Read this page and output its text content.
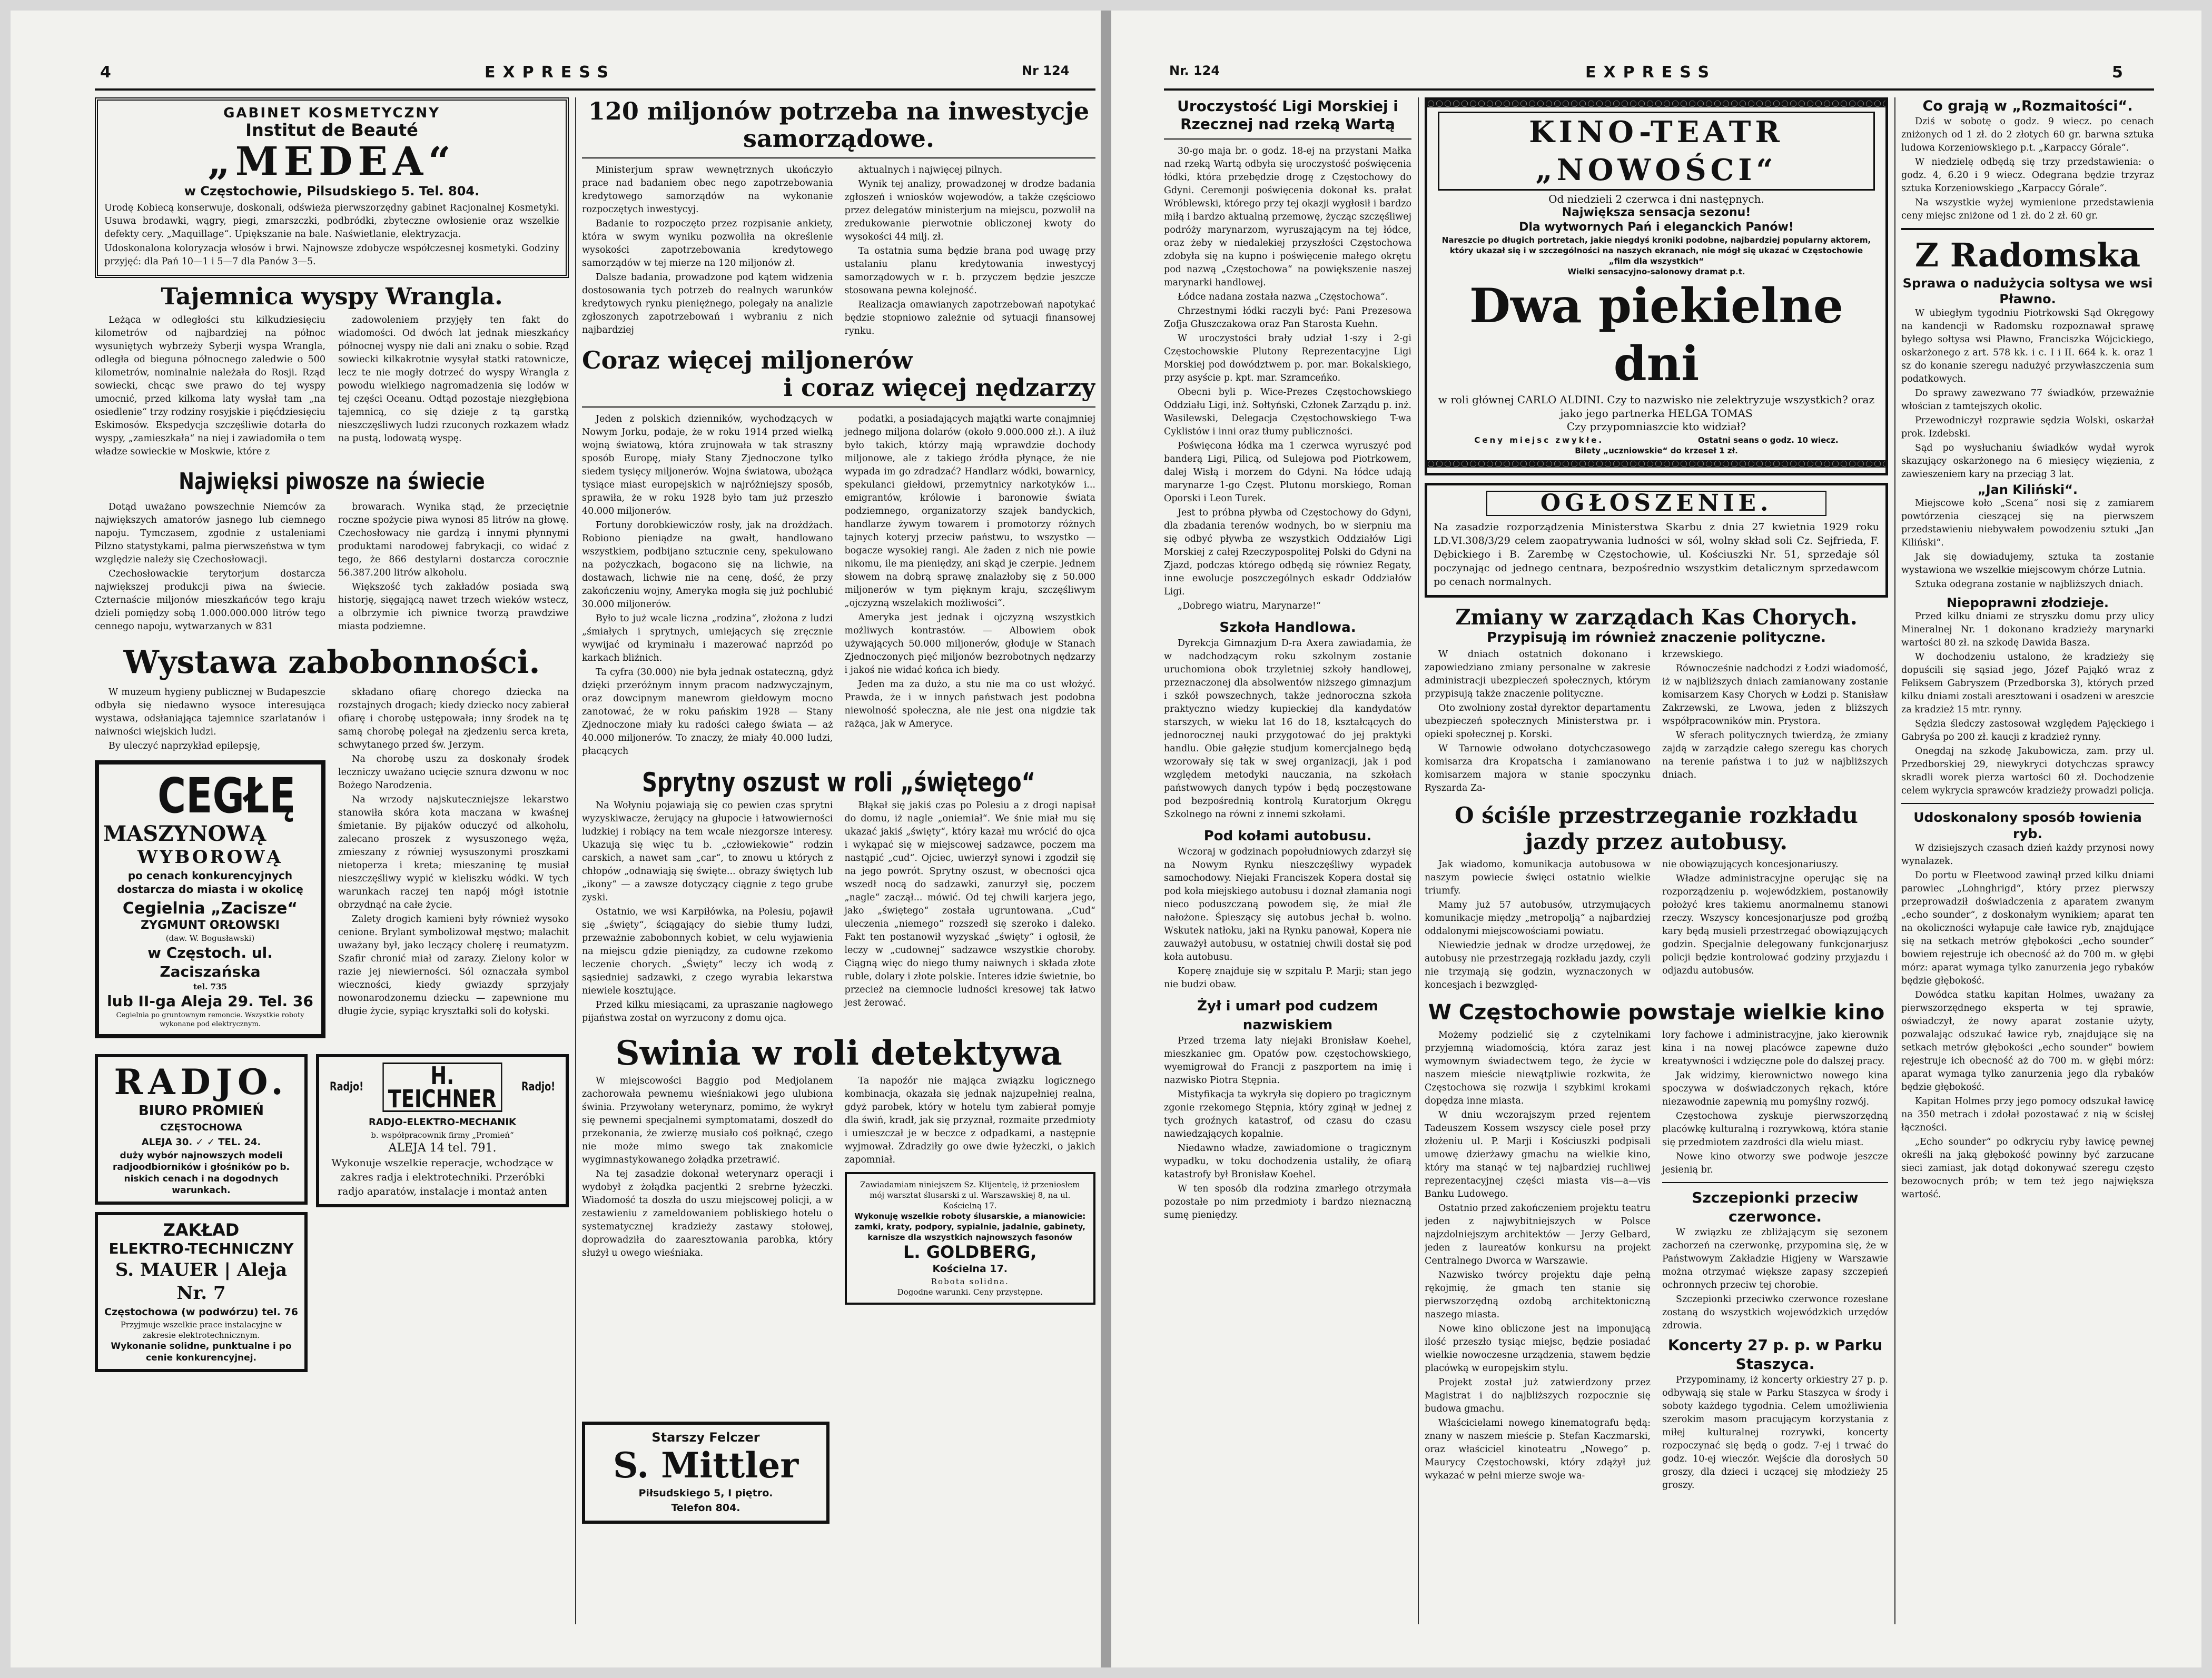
4	EXPRESS	Nr 124
GABINET KOSMETYCZNY
Institut de Beauté
„MEDEA“
w Częstochowie, Pilsudskiego 5. Tel. 804.

Urodę Kobiecą konserwuje, doskonali, odświeża pierwszorzędny gabinet Racjonalnej Kosmetyki. Usuwa brodawki, wągry, piegi, zmarszczki, podbródki, zbyteczne owłosienie oraz wszelkie defekty cery. „Maquillage“. Upiększanie na bale. Naświetlanie, elektryzacja.

Udoskonalona koloryzacja włosów i brwi. Najnowsze zdobycze współczesnej kosmetyki. Godziny przyjęć: dla Pań 10—1 i 5—7 dla Panów 3—5.

Tajemnica wyspy Wrangla.

Leżąca w odległości stu kilkudziesięciu kilometrów od najbardziej na północ wysuniętych wybrzeży Syberji wyspa Wrangla, odległa od bieguna północnego zaledwie o 500 kilometrów, nominalnie należała do Rosji. Rząd sowiecki, chcąc swe prawo do tej wyspy umocnić, przed kilkoma laty wysłał tam „na osiedlenie“ trzy rodziny rosyjskie i pięćdziesięciu Eskimosów. Ekspedycja szczęśliwie dotarła do wyspy, „zamieszkała“ na niej i zawiadomiła o tem władze sowieckie w Moskwie, które z

zadowoleniem przyjęły ten fakt do wiadomości. Od dwóch lat jednak mieszkańcy północnej wyspy nie dali ani znaku o sobie. Rząd sowiecki kilkakrotnie wysyłał statki ratownicze, lecz te nie mogły dotrzeć do wyspy Wrangla z powodu wielkiego nagromadzenia się lodów w tej części Oceanu. Odtąd pozostaje niezgłębiona tajemnicą, co się dzieje z tą garstką nieszczęśliwych ludzi rzuconych rozkazem władz na pustą, lodowatą wyspę.

Najwięksi piwosze na świecie

Dotąd uważano powszechnie Niemców za największych amatorów jasnego lub ciemnego napoju. Tymczasem, zgodnie z ustaleniami Pilzno statystykami, palma pierwszeństwa w tym względzie należy się Czechosłowacji.

Czechosłowackie terytorjum dostarcza największej produkcji piwa na świecie. Czternaście miljonów mieszkańców tego kraju dzieli pomiędzy sobą 1.000.000.000 litrów tego cennego napoju, wytwarzanych w 831

browarach. Wynika stąd, że przeciętnie roczne spożycie piwa wynosi 85 litrów na głowę. Czechosłowacy nie gardzą i innymi płynnymi produktami narodowej fabrykacji, co widać z tego, że 866 destylarni dostarcza corocznie 56.387.200 litrów alkoholu.

Większość tych zakładów posiada swą historję, sięgającą nawet trzech wieków wstecz, a olbrzymie ich piwnice tworzą prawdziwe miasta podziemne.

Wystawa zabobonności.

W muzeum hygieny publicznej w Budapeszcie odbyła się niedawno wysoce interesująca wystawa, odsłaniająca tajemnice szarlatanów i naiwności wiejskich ludzi.

By uleczyć naprzykład epilepsję,

CEGŁĘ
MASZYNOWĄ
WYBOROWĄ
po cenach konkurencyjnych dostarcza do miasta i w okolicę
Cegielnia „Zacisze“
ZYGMUNT ORŁOWSKI
(daw. W. Bogusławski)
w Częstoch. ul. Zaciszańska
tel. 735
lub II-ga Aleja 29. Tel. 36
Cegielnia po gruntownym remoncie. Wszystkie roboty wykonane pod elektrycznym.

składano ofiarę chorego dziecka na rozstajnych drogach; kiedy dziecko nocy zabierał ofiarę i chorobę ustępowała; inny środek na tę samą chorobę polegał na zjedzeniu serca kreta, schwytanego przed św. Jerzym.

Na chorobę uszu za doskonały środek leczniczy uważano ucięcie sznura dzwonu w noc Bożego Narodzenia.

Na wrzody najskuteczniejsze lekarstwo stanowiła skóra kota maczana w kwaśnej śmietanie. By pijaków oduczyć od alkoholu, zalecano proszek z wysuszonego węża, zmieszany z równiej wysuszonymi proszkami nietoperza i kreta; mieszaninę tę musiał nieszczęśliwy wypić w kieliszku wódki. W tych warunkach raczej ten napój mógł istotnie obrzydnąć na całe życie.

Zalety drogich kamieni były również wysoko cenione. Brylant symbolizował męstwo; malachit uważany był, jako leczący cholerę i reumatyzm. Szafir chronić miał od zarazy. Zielony kolor w razie jej niewierności. Sól oznaczała symbol wieczności, kiedy gwiazdy sprzyjały nowonarodzonemu dziecku — zapewnione mu długie życie, sypiąc kryształki soli do kołyski.

RADJO.
BIURO PROMIEŃ
CZĘSTOCHOWA
ALEJA 30. ✓ ✓ TEL. 24.
duży wybór najnowszych modeli radjoodbiorników i głośników po b. niskich cenach i na dogodnych warunkach.
ZAKŁAD
ELEKTRO-TECHNICZNY
S. MAUER | Aleja Nr. 7
Częstochowa (w podwórzu) tel. 76
Przyjmuje wszelkie prace instalacyjne w zakresie elektrotechnicznym.
Wykonanie solidne, punktualne i po cenie konkurencyjnej.
Radjo!	H. TEICHNER	Radjo!
RADJO-ELEKTRO-MECHANIK
b. współpracownik firmy „Promień“
ALEJA 14 tel. 791.
Wykonuje wszelkie reperacje, wchodzące w zakres radja i elektrotechniki. Przeróbki radjo aparatów, instalacje i montaż anten
120 miljonów potrzeba na inwestycje samorządowe.

Ministerjum spraw wewnętrznych ukończyło prace nad badaniem obec nego zapotrzebowania kredytowego samorządów na wykonanie rozpoczętych inwestycyj.

Badanie to rozpoczęto przez rozpisanie ankiety, która w swym wyniku pozwoliła na określenie wysokości zapotrzebowania kredytowego samorządów w tej mierze na 120 miljonów zł.

Dalsze badania, prowadzone pod kątem widzenia dostosowania tych potrzeb do realnych warunków kredytowych rynku pieniężnego, polegały na analizie zgłoszonych zapotrzebowań i wybraniu z nich najbardziej

aktualnych i najwięcej pilnych.

Wynik tej analizy, prowadzonej w drodze badania zgłoszeń i wniosków wojewodów, a także częściowo przez delegatów ministerjum na miejscu, pozwolił na zredukowanie pierwotnie obliczonej kwoty do wysokości 44 milj. zł.

Ta ostatnia suma będzie brana pod uwagę przy ustalaniu planu kredytowania inwestycyj samorządowych w r. b. przyczem będzie jeszcze stosowana pewna kolejność.

Realizacja omawianych zapotrzebowań napotykać będzie stopniowo zależnie od sytuacji finansowej rynku.

Coraz więcej miljonerów
i coraz więcej nędzarzy

Jeden z polskich dzienników, wychodzących w Nowym Jorku, podaje, że w roku 1914 przed wielką wojną światową, która zrujnowała w tak straszny sposób Europę, miały Stany Zjednoczone tylko siedem tysięcy miljonerów. Wojna światowa, ubożąca tysiące miast europejskich w najróżniejszy sposób, sprawiła, że w roku 1928 było tam już przeszło 40.000 miljonerów.

Fortuny dorobkiewiczów rosły, jak na drożdżach. Robiono pieniądze na gwałt, handlowano wszystkiem, podbijano sztucznie ceny, spekulowano na pożyczkach, bogacono się na lichwie, na dostawach, lichwie nie na cenę, dość, że przy zakończeniu wojny, Ameryka mogła się już pochlubić 30.000 miljonerów.

Było to już wcale liczna „rodzina“, złożona z ludzi „śmiałych i sprytnych, umiejących się zręcznie wywijać od kryminału i mazerować naprzód po karkach bliźnich.

Ta cyfra (30.000) nie była jednak ostateczną, gdyż dzięki przeróżnym innym pracom nadzwyczajnym, oraz dowcipnym manewrom giełdowym mocno zanotować, że w roku pańskim 1928 — Stany Zjednoczone miały ku radości całego świata — aż 40.000 miljonerów. To znaczy, że miały 40.000 ludzi, płacących

podatki, a posiadających majątki warte conajmniej jednego miljona dolarów (około 9.000.000 zł.). A iluż było takich, którzy mają wprawdzie dochody miljonowe, ale z takiego źródła płynące, że nie wypada im go zdradzać? Handlarz wódki, bowarnicy, spekulanci giełdowi, przemytnicy narkotyków i... emigrantów, królowie i baronowie świata podziemnego, organizatorzy szajek bandyckich, handlarze żywym towarem i promotorzy różnych tajnych koteryj przeciw państwu, to wszystko — bogacze wysokiej rangi. Ale żaden z nich nie powie nikomu, ile ma pieniędzy, ani skąd je czerpie. Jednem słowem na dobrą sprawę znalazłoby się z 50.000 miljonerów w tym pięknym kraju, szczęśliwym „ojczyzną wszelakich możliwości“.

Ameryka jest jednak i ojczyzną wszystkich możliwych kontrastów. — Albowiem obok używających 50.000 miljonerów, głoduje w Stanach Zjednoczonych pięć miljonów bezrobotnych nędzarzy i jakoś nie widać końca ich biedy.

Jeden ma za dużo, a stu nie ma co ust włożyć. Prawda, że i w innych państwach jest podobna niewolność społeczna, ale nie jest ona nigdzie tak rażąca, jak w Ameryce.

Sprytny oszust w roli „świętego“

Na Wołyniu pojawiają się co pewien czas sprytni wyzyskiwacze, żerujący na głupocie i łatwowierności ludzkiej i robiący na tem wcale niezgorsze interesy. Ukazują się więc tu b. „człowiekowie“ rodzin carskich, a nawet sam „car“, to znowu u których z chłopów „odnawiają się święte... obrazy świętych lub „ikony“ — a zawsze dotyczący ciągnie z tego grube zyski.

Ostatnio, we wsi Karpiłówka, na Polesiu, pojawił się „święty“, ściągający do siebie tłumy ludzi, przeważnie zabobonnych kobiet, w celu wyjawienia na miejscu gdzie pieniądzy, za cudowne rzekomo leczenie chorych. „Święty“ leczy ich wodą z sąsiedniej sadzawki, z czego wyrabia lekarstwa niewiele kosztujące.

Przed kilku miesiącami, za upraszanie nagłowego pijaństwa został on wyrzucony z domu ojca.

Błąkał się jakiś czas po Polesiu a z drogi napisał do domu, iż nagle „oniemiał“. We śnie miał mu się ukazać jakiś „święty“, który kazał mu wrócić do ojca i wykąpać się w miejscowej sadzawce, poczem ma nastąpić „cud“. Ojciec, uwierzył synowi i zgodził się na jego powrót. Sprytny oszust, w obecności ojca wszedł nocą do sadzawki, zanurzył się, poczem „nagle“ zaczął... mówić. Od tej chwili karjera jego, jako „świętego“ została ugruntowana. „Cud“ uleczenia „niemego“ rozszedł się szeroko i daleko. Fakt ten postanowił wyzyskać „święty“ i ogłosił, że leczy w „cudownej“ sadzawce wszystkie choroby. Ciągną więc do niego tłumy naiwnych i składa złote ruble, dolary i złote polskie. Interes idzie świetnie, bo przecież na ciemnocie ludności kresowej tak łatwo jest żerować.

Swinia w roli detektywa

W miejscowości Baggio pod Medjolanem zachorowała pewnemu wieśniakowi jego ulubiona świnia. Przywołany weterynarz, pomimo, że wykrył się pewnemi specjalnemi symptomatami, doszedł do przekonania, że zwierzę musiało coś połknąć, czego nie może mimo swego tak znakomicie wygimnastykowanego żołądka przetrawić.

Na tej zasadzie dokonał weterynarz operacji i wydobył z żołądka pacjentki 2 srebrne łyżeczki. Wiadomość ta doszła do uszu miejscowej policji, a w zestawieniu z zameldowaniem pobliskiego hotelu o systematycznej kradzieży zastawy stołowej, doprowadziła do zaaresztowania parobka, który służył u owego wieśniaka.

Ta napoźór nie mająca związku logicznego kombinacja, okazała się jednak najzupełniej realna, gdyż parobek, który w hotelu tym zabierał pomyje dla świń, kradł, jak się przyznał, rozmaite przedmioty i umieszczał je w beczce z odpadkami, a następnie wyjmował. Zdradziły go owe dwie łyżeczki, o jakich zapomniał.

Zawiadamiam niniejszem Sz. Klijentelę, iż przeniosłem mój warsztat ślusarski z ul. Warszawskiej 8, na ul. Kościelną 17.
Wykonuję wszelkie roboty ślusarskie, a mianowicie: zamki, kraty, podpory, sypialnie, jadalnie, gabinety, karnisze dla wszystkich najnowszych fasonów
L. GOLDBERG,
Kościelna 17.
Robota solidna.
Dogodne warunki. Ceny przystępne.
Starszy Felczer
S. Mittler
Piłsudskiego 5, I piętro.
Telefon 804.
Nr. 124	EXPRESS	5
Uroczystość Ligi Morskiej i Rzecznej nad rzeką Wartą

30-go maja br. o godz. 18-ej na przystani Małka nad rzeką Wartą odbyła się uroczystość poświęcenia łódki, która przebędzie drogę z Częstochowy do Gdyni. Ceremonji poświęcenia dokonał ks. prałat Wróblewski, którego przy tej okazji wygłosił i bardzo miłą i bardzo aktualną przemowę, życząc szczęśliwej podróży marynarzom, wyruszającym na tej łódce, oraz żeby w niedalekiej przyszłości Częstochowa zdobyła się na kupno i poświęcenie małego okrętu pod nazwą „Częstochowa“ na powiększenie naszej marynarki handlowej.

Łódce nadana została nazwa „Częstochowa“.

Chrzestnymi łódki raczyli być: Pani Prezesowa Zofja Głuszczakowa oraz Pan Starosta Kuehn.

W uroczystości brały udział 1-szy i 2-gi Częstochowskie Plutony Reprezentacyjne Ligi Morskiej pod dowództwem p. por. mar. Bokalskiego, przy asyście p. kpt. mar. Szramceńko.

Obecni byli p. Wice-Prezes Częstochowskiego Oddziału Ligi, inż. Sołtyński, Członek Zarządu p. inż. Wasilewski, Delegacja Częstochowskiego T-wa Cyklistów i inni oraz tłumy publiczności.

Poświęcona łódka ma 1 czerwca wyruszyć pod banderą Ligi, Pilicą, od Sulejowa pod Piotrkowem, dalej Wisłą i morzem do Gdyni. Na łódce udają marynarze 1-go Częst. Plutonu morskiego, Roman Oporski i Leon Turek.

Jest to próbna pływba od Częstochowy do Gdyni, dla zbadania terenów wodnych, bo w sierpniu ma się odbyć pływba ze wszystkich Oddziałów Ligi Morskiej z całej Rzeczypospolitej Polski do Gdyni na Zjazd, podczas którego odbędą się równiez Regaty, inne ewolucje poszczególnych eskadr Oddziałów Ligi.

„Dobrego wiatru, Marynarze!“

Szkoła Handlowa.

Dyrekcja Gimnazjum D-ra Axera zawiadamia, że w nadchodzącym roku szkolnym zostanie uruchomiona obok trzyletniej szkoły handlowej, przeznaczonej dla absolwentów niższego gimnazjum i szkół powszechnych, także jednoroczna szkoła praktyczno wiedzy kupieckiej dla kandydatów starszych, w wieku lat 16 do 18, kształcących do jednorocznej nauki przygotować do jej praktyki handlu. Obie gałęzie studjum komercjalnego będą wzorowały się tak w swej organizacji, jak i pod względem metodyki nauczania, na szkołach państwowych danych typów i będą poczęstowane pod bezpośrednią kontrolą Kuratorjum Okręgu Szkolnego na równi z innemi szkołami.

Pod kołami autobusu.

Wczoraj w godzinach popołudniowych zdarzył się na Nowym Rynku nieszczęśliwy wypadek samochodowy. Niejaki Franciszek Kopera dostał się pod koła miejskiego autobusu i doznał złamania nogi nieco poduszczaną powodem się, że miał źle nałożone. Śpieszący się autobus jechał b. wolno. Wskutek natłoku, jaki na Rynku panował, Kopera nie zauważył autobusu, w ostatniej chwili dostał się pod koła autobusu.

Koperę znajduje się w szpitalu P. Marji; stan jego nie budzi obaw.

Żył i umarł pod cudzem nazwiskiem

Przed trzema laty niejaki Bronisław Koehel, mieszkaniec gm. Opatów pow. częstochowskiego, wyemigrował do Francji z paszportem na imię i nazwisko Piotra Stępnia.

Mistyfikacja ta wykryła się dopiero po tragicznym zgonie rzekomego Stępnia, który zginął w jednej z tych groźnych katastrof, od czasu do czasu nawiedzających kopalnie.

Niedawno władze, zawiadomione o tragicznym wypadku, w toku dochodzenia ustaliły, że ofiarą katastrofy był Bronisław Koehel.

W ten sposób dla rodzina zmarłego otrzymała pozostałe po nim przedmioty i bardzo nieznaczną sumę pieniędzy.

KINO-TEATR „NOWOŚCI“
Od niedzieli 2 czerwca i dni następnych.
Największa sensacja sezonu!
Dla wytwornych Pań i eleganckich Panów!
Nareszcie po długich portretach, jakie niegdyś kroniki podobne, najbardziej popularny aktorem, który ukazał się i w szczególności na naszych ekranach, nie mógł się ukazać w Częstochowie „film dla wszystkich“
Wielki sensacyjno-salonowy dramat p.t.
Dwa piekielne dni
w roli głównej CARLO ALDINI. Czy to nazwisko nie zelektryzuje wszystkich? oraz jako jego partnerka HELGA TOMAS
Czy przypomniaszcie kto widział?
Ceny miejsc zwykłe.	Ostatni seans o godz. 10 wiecz.
Bilety „uczniowskie“ do krzeseł 1 zł.
OGŁOSZENIE.

Na zasadzie rozporządzenia Ministerstwa Skarbu z dnia 27 kwietnia 1929 roku LD.VI.308/3/29 celem zaopatrywania ludności w sól, wolny skład soli Cz. Sejfrieda, F. Dębickiego i B. Zarembę w Częstochowie, ul. Kościuszki Nr. 51, sprzedaje sól poczynając od jednego centnara, bezpośrednio wszystkim detalicznym sprzedawcom po cenach normalnych.

Zmiany w zarządach Kas Chorych.
Przypisują im również znaczenie polityczne.

W dniach ostatnich dokonano i zapowiedziano zmiany personalne w zakresie administracji ubezpieczeń społecznych, którym przypisują także znaczenie polityczne.

Oto zwolniony został dyrektor departamentu ubezpieczeń społecznych Ministerstwa pr. i opieki społecznej p. Korski.

W Tarnowie odwołano dotychczasowego komisarza dra Kropatscha i zamianowano komisarzem majora w stanie spoczynku Ryszarda Za-

krzewskiego.

Równocześnie nadchodzi z Łodzi wiadomość, iż w najbliższych dniach zamianowany zostanie komisarzem Kasy Chorych w Łodzi p. Stanisław Zakrzewski, ze Lwowa, jeden z bliższych współpracowników min. Prystora.

W sferach politycznych twierdzą, że zmiany zajdą w zarządzie całego szeregu kas chorych na terenie państwa i to już w najbliższych dniach.

O ściśle przestrzeganie rozkładu jazdy przez autobusy.

Jak wiadomo, komunikacja autobusowa w naszym powiecie święci ostatnio wielkie triumfy.

Mamy już 57 autobusów, utrzymujących komunikacje między „metropolją“ a najbardziej oddalonymi miejscowościami powiatu.

Niewiedzie jednak w drodze urzędowej, że autobusy nie przestrzegają rozkładu jazdy, czyli nie trzymają się godzin, wyznaczonych w koncesjach i bezwzględ-

nie obowiązujących koncesjonariuszy.

Władze administracyjne operując się na rozporządzeniu p. wojewódzkiem, postanowiły położyć kres takiemu anormalnemu stanowi rzeczy. Wszyscy koncesjonarjusze pod groźbą kary będą musieli przestrzegać obowiązujących godzin. Specjalnie delegowany funkcjonarjusz policji będzie kontrolować godziny przyjazdu i odjazdu autobusów.

W Częstochowie powstaje wielkie kino

Możemy podzielić się z czytelnikami przyjemną wiadomością, która zaraz jest wymownym świadectwem tego, że życie w naszem mieście niewątpliwie rozkwita, że Częstochowa się rozwija i szybkimi krokami dopędza inne miasta.

W dniu wczorajszym przed rejentem Tadeuszem Kossem wszyscy ciele poseł przy złożeniu ul. P. Marji i Kościuszki podpisali umowę dzierżawy gmachu na wielkie kino, który ma stanąć w tej najbardziej ruchliwej reprezentacyjnej części miasta vis—a—vis Banku Ludowego.

Ostatnio przed zakończeniem projektu teatru jeden z najwybitniejszych w Polsce najzdolniejszym architektów — Jerzy Gelbard, jeden z laureatów konkursu na projekt Centralnego Dworca w Warszawie.

Nazwisko twórcy projektu daje pełną rękojmię, że gmach ten stanie się pierwszorzędną ozdobą architektoniczną naszego miasta.

Nowe kino obliczone jest na imponującą ilość przeszło tysiąc miejsc, będzie posiadać wielkie nowoczesne urządzenia, stawem będzie placówką w europejskim stylu.

Projekt został już zatwierdzony przez Magistrat i do najbliższych rozpocznie się budowa gmachu.

Właścicielami nowego kinematografu będą: znany w naszem mieście p. Stefan Kaczmarski, oraz właściciel kinoteatru „Nowego“ p. Maurycy Częstochowski, który zdążył już wykazać w pełni mierze swoje wa-

lory fachowe i administracyjne, jako kierownik kina i na nowej placówce zapewne dużo kreatywności i wdzięczne pole do dalszej pracy.

Jak widzimy, kierownictwo nowego kina spoczywa w doświadczonych rękach, które niezawodnie zapewnią mu pomyślny rozwój.

Częstochowa zyskuje pierwszorzędną placówkę kulturalną i rozrywkową, która stanie się przedmiotem zazdrości dla wielu miast.

Nowe kino otworzy swe podwoje jeszcze jesienią br.

Szczepionki przeciw czerwonce.

W związku ze zbliżającym się sezonem zachorzeń na czerwonkę, przypomina się, że w Państwowym Zakładzie Higjeny w Warszawie można otrzymać większe zapasy szczepień ochronnych przeciw tej chorobie.

Szczepionki przeciwko czerwonce rozesłane zostaną do wszystkich wojewódzkich urzędów zdrowia.

Koncerty 27 p. p. w Parku Staszyca.

Przypominamy, iż koncerty orkiestry 27 p. p. odbywają się stale w Parku Staszyca w środy i soboty każdego tygodnia. Celem umożliwienia szerokim masom pracującym korzystania z miłej kulturalnej rozrywki, koncerty rozpoczynać się będą o godz. 7-ej i trwać do godz. 10-ej wieczór. Wejście dla dorosłych 50 groszy, dla dzieci i uczącej się młodzieży 25 groszy.

Co grają w „Rozmaitości“.

Dziś w sobotę o godz. 9 wiecz. po cenach zniżonych od 1 zł. do 2 złotych 60 gr. barwna sztuka ludowa Korzeniowskiego p.t. „Karpaccy Górale“.

W niedzielę odbędą się trzy przedstawienia: o godz. 4, 6.20 i 9 wiecz. Odegrana będzie trzyraz sztuka Korzeniowskiego „Karpaccy Górale“.

Na wszystkie wyżej wymienione przedstawienia ceny miejsc zniżone od 1 zł. do 2 zł. 60 gr.

Z Radomska
Sprawa o nadużycia soltysa we wsi Pławno.

W ubiegłym tygodniu Piotrkowski Sąd Okręgowy na kandencji w Radomsku rozpoznawał sprawę byłego sołtysa wsi Pławno, Franciszka Wójcickiego, oskarżonego z art. 578 kk. i c. I i II. 664 k. k. oraz 1 sz do konanie szeregu nadużyć przywłaszczenia sum podatkowych.

Do sprawy zawezwano 77 świadków, przeważnie włościan z tamtejszych okolic.

Przewodniczył rozprawie sędzia Wolski, oskarżał prok. Izdebski.

Sąd po wysłuchaniu świadków wydał wyrok skazujący oskarżonego na 6 miesięcy więzienia, z zawieszeniem kary na przeciąg 3 lat.

„Jan Kiliński“.

Miejscowe koło „Scena“ nosi się z zamiarem powtórzenia cieszącej się na pierwszem przedstawieniu niebywałem powodzeniu sztuki „Jan Kiliński“.

Jak się dowiadujemy, sztuka ta zostanie wystawiona we wszelkie miejscowym chórze Lutnia.

Sztuka odegrana zostanie w najbliższych dniach.

Niepoprawni złodzieje.

Przed kilku dniami ze stryszku domu przy ulicy Mineralnej Nr. 1 dokonano kradzieży marynarki wartości 80 zł. na szkodę Dawida Basza.

W dochodzeniu ustalono, że kradzieży się dopuścili się sąsiad jego, Józef Pająkó wraz z Feliksem Gabryszem (Przedborska 3), których przed kilku dniami zostali aresztowani i osadzeni w areszcie za kradzież 15 mtr. rynny.

Sędzia śledczy zastosował względem Pajęckiego i Gabryśa po 200 zł. kaucji z kradzież rynny.

Onegdaj na szkodę Jakubowicza, zam. przy ul. Przedborskiej 29, niewykryci dotychczas sprawcy skradli worek pierza wartości 60 zł. Dochodzenie celem wykrycia sprawców kradzieży prowadzi policja.

Udoskonalony sposób łowienia ryb.

W dzisiejszych czasach dzień każdy przynosi nowy wynalazek.

Do portu w Fleetwood zawinął przed kilku dniami parowiec „Lohnghrigd“, który przez pierwszy przeprowadził doświadczenia z aparatem zwanym „echo sounder“, z doskonałym wynikiem; aparat ten na okoliczności wyłapuje całe ławice ryb, znajdujące się na setkach metrów głębokości „echo sounder“ bowiem rejestruje ich obecność aż do 700 m. w głębi mórz: aparat wymaga tylko zanurzenia jego rybaków będzie głębokość.

Dowódca statku kapitan Holmes, uważany za pierwszorzędnego eksperta w tej sprawie, oświadczył, że nowy aparat zostanie użyty, pozwalając odszukać ławice ryb, znajdujące się na setkach metrów głębokości „echo sounder“ bowiem rejestruje ich obecność aż do 700 m. w głębi mórz: aparat wymaga tylko zanurzenia jego dla rybaków będzie głębokość.

Kapitan Holmes przy jego pomocy odszukał ławicę na 350 metrach i zdołał pozostawać z nią w ścisłej łączności.

„Echo sounder“ po odkryciu ryby ławicę pewnej określi na jaką głębokość powinny być zarzucane sieci zamiast, jak dotąd dokonywać szeregu często bezowocnych prób; w tem też jego największa wartość.
